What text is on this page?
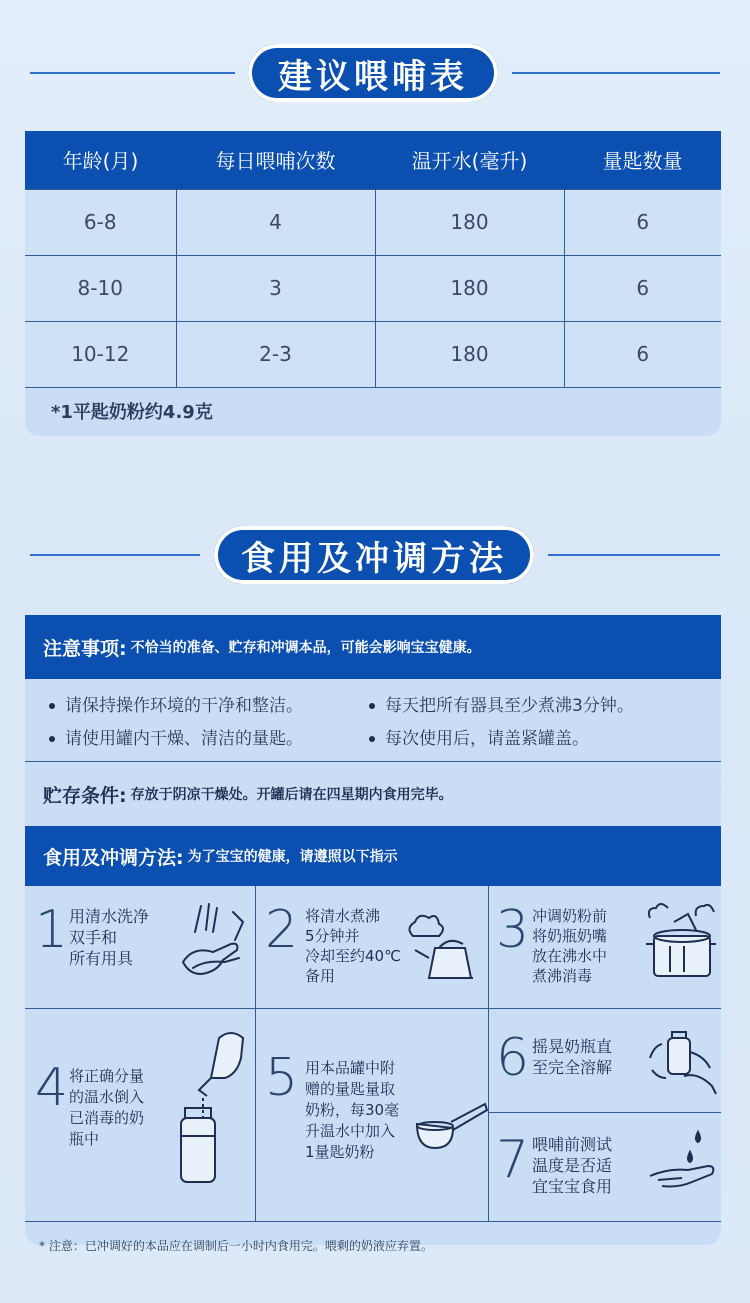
建议喂哺表
年龄(月)	每日喂哺次数	温开水(毫升)	量匙数量
6-8	4	180	6
8-10	3	180	6
10-12	2-3	180	6
*1平匙奶粉约4.9克
食用及冲调方法
注意事项: 不恰当的准备、贮存和冲调本品，可能会影响宝宝健康。
请保持操作环境的干净和整洁。	每天把所有器具至少煮沸3分钟。
请使用罐内干燥、清洁的量匙。	每次使用后，请盖紧罐盖。
贮存条件: 存放于阴凉干燥处。开罐后请在四星期内食用完毕。
食用及冲调方法: 为了宝宝的健康，请遵照以下指示
1 用清水洗净
双手和
所有用具	2 将清水煮沸
5分钟并
冷却至约40℃
备用
3 冲调奶粉前
将奶瓶奶嘴
放在沸水中
煮沸消毒
4 将正确分量
的温水倒入
已消毒的奶
瓶中
5 用本品罐中附
赠的量匙量取
奶粉，每30毫
升温水中加入
1量匙奶粉
6 摇晃奶瓶直
至完全溶解
7 喂哺前测试
温度是否适
宜宝宝食用
* 注意：已冲调好的本品应在调制后一小时内食用完。喂剩的奶液应弃置。
